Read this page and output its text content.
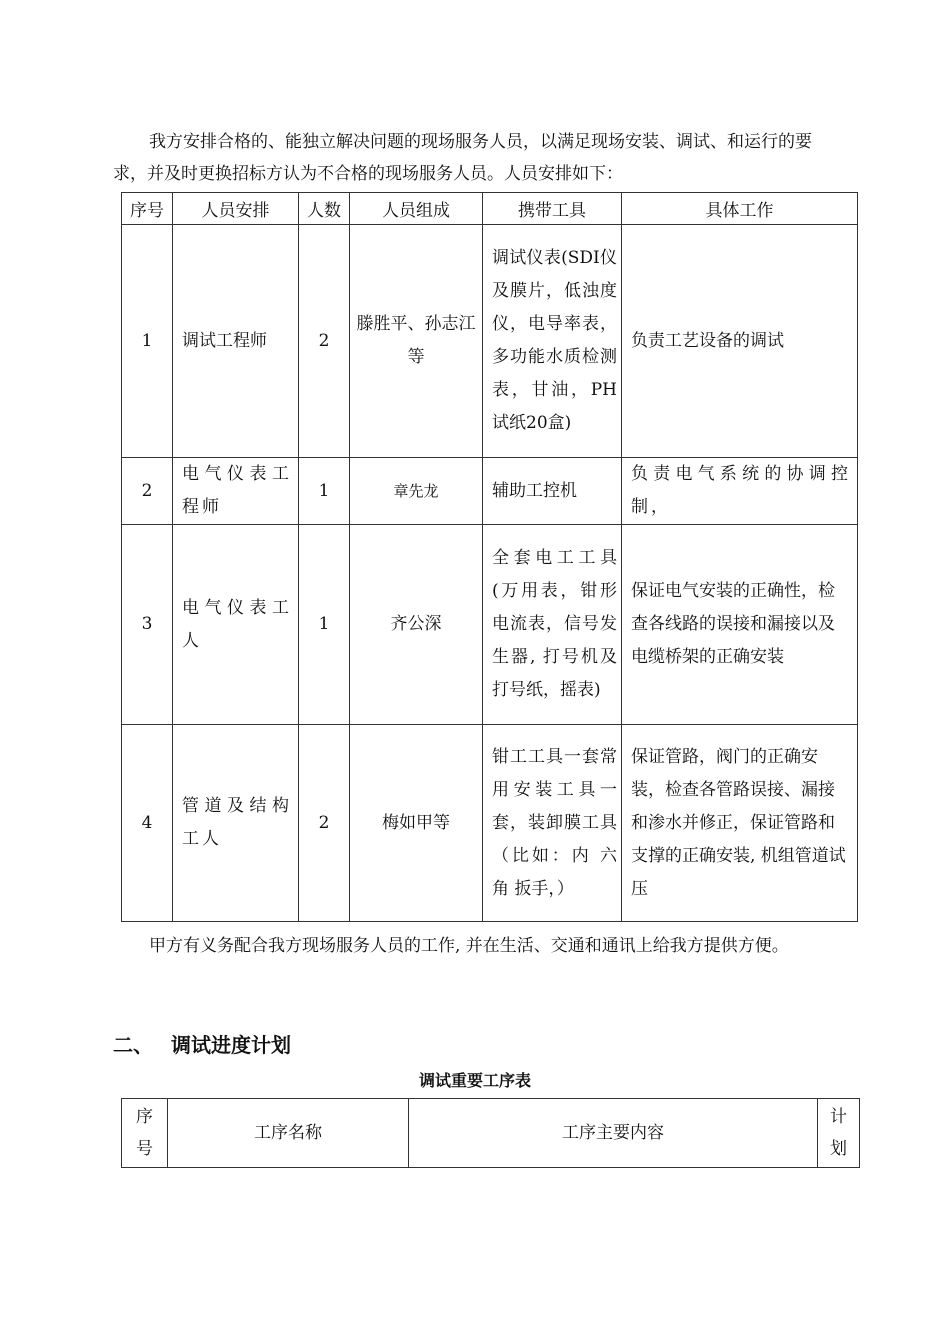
我方安排合格的、能独立解决问题的现场服务人员，以满足现场安装、调试、和运行的要求，并及时更换招标方认为不合格的现场服务人员。人员安排如下：

序号	人员安排	人数	人员组成	携带工具	具体工作
1	调试工程师	2	滕胜平、孙志江等	调试仪表(SDI仪及膜片，低浊度仪，电导率表，多功能水质检测表，甘油，PH试纸20盒)	负责工艺设备的调试
2	电气仪表工程师	1	章先龙	辅助工控机	负责电气系统的协调控制，
3	电气仪表工人	1	齐公深	全套电工工具(万用表，钳形电流表，信号发生器, 打号机及打号纸，摇表)	保证电气安装的正确性，检查各线路的误接和漏接以及电缆桥架的正确安装
4	管道及结构工人	2	梅如甲等	钳工工具一套常用安装工具一套，装卸膜工具（比如：内 六 角 扳手，）	保证管路，阀门的正确安装，检查各管路误接、漏接和渗水并修正，保证管路和支撑的正确安装, 机组管道试压

甲方有义务配合我方现场服务人员的工作, 并在生活、交通和通讯上给我方提供方便。

二、 调试进度计划

调试重要工序表

序号	工序名称	工序主要内容	计划
